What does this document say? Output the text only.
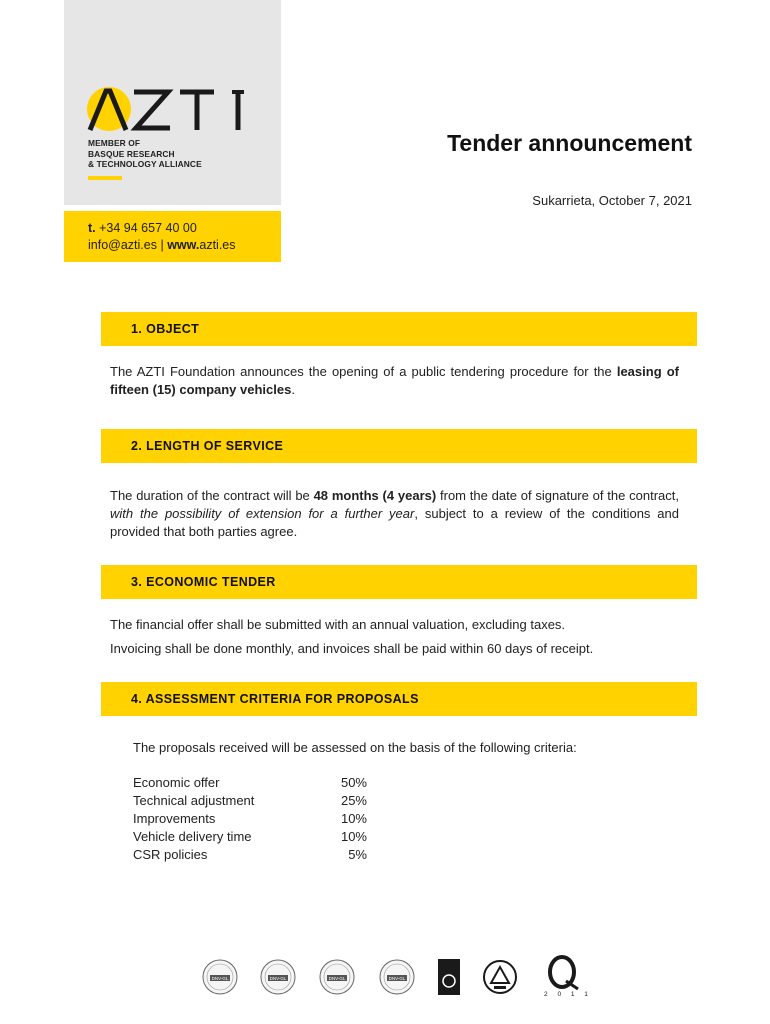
MEMBER OF
BASQUE RESEARCH
& TECHNOLOGY ALLIANCE
t. +34 94 657 40 00
info@azti.es | www.azti.es
Tender announcement
Sukarrieta, October 7, 2021
1. OBJECT

The AZTI Foundation announces the opening of a public tendering procedure for the leasing of fifteen (15) company vehicles.

2. LENGTH OF SERVICE

The duration of the contract will be 48 months (4 years) from the date of signature of the contract, with the possibility of extension for a further year, subject to a review of the conditions and provided that both parties agree.

3. ECONOMIC TENDER
The financial offer shall be submitted with an annual valuation, excluding taxes.
Invoicing shall be done monthly, and invoices shall be paid within 60 days of receipt.
4. ASSESSMENT CRITERIA FOR PROPOSALS
The proposals received will be assessed on the basis of the following criteria:
Economic offer	50%
Technical adjustment	25%
Improvements	10%
Vehicle delivery time	10%
CSR policies	5%
DNV-GL	DNV-GL	DNV-GL	DNV-GL
2 0 1 1
